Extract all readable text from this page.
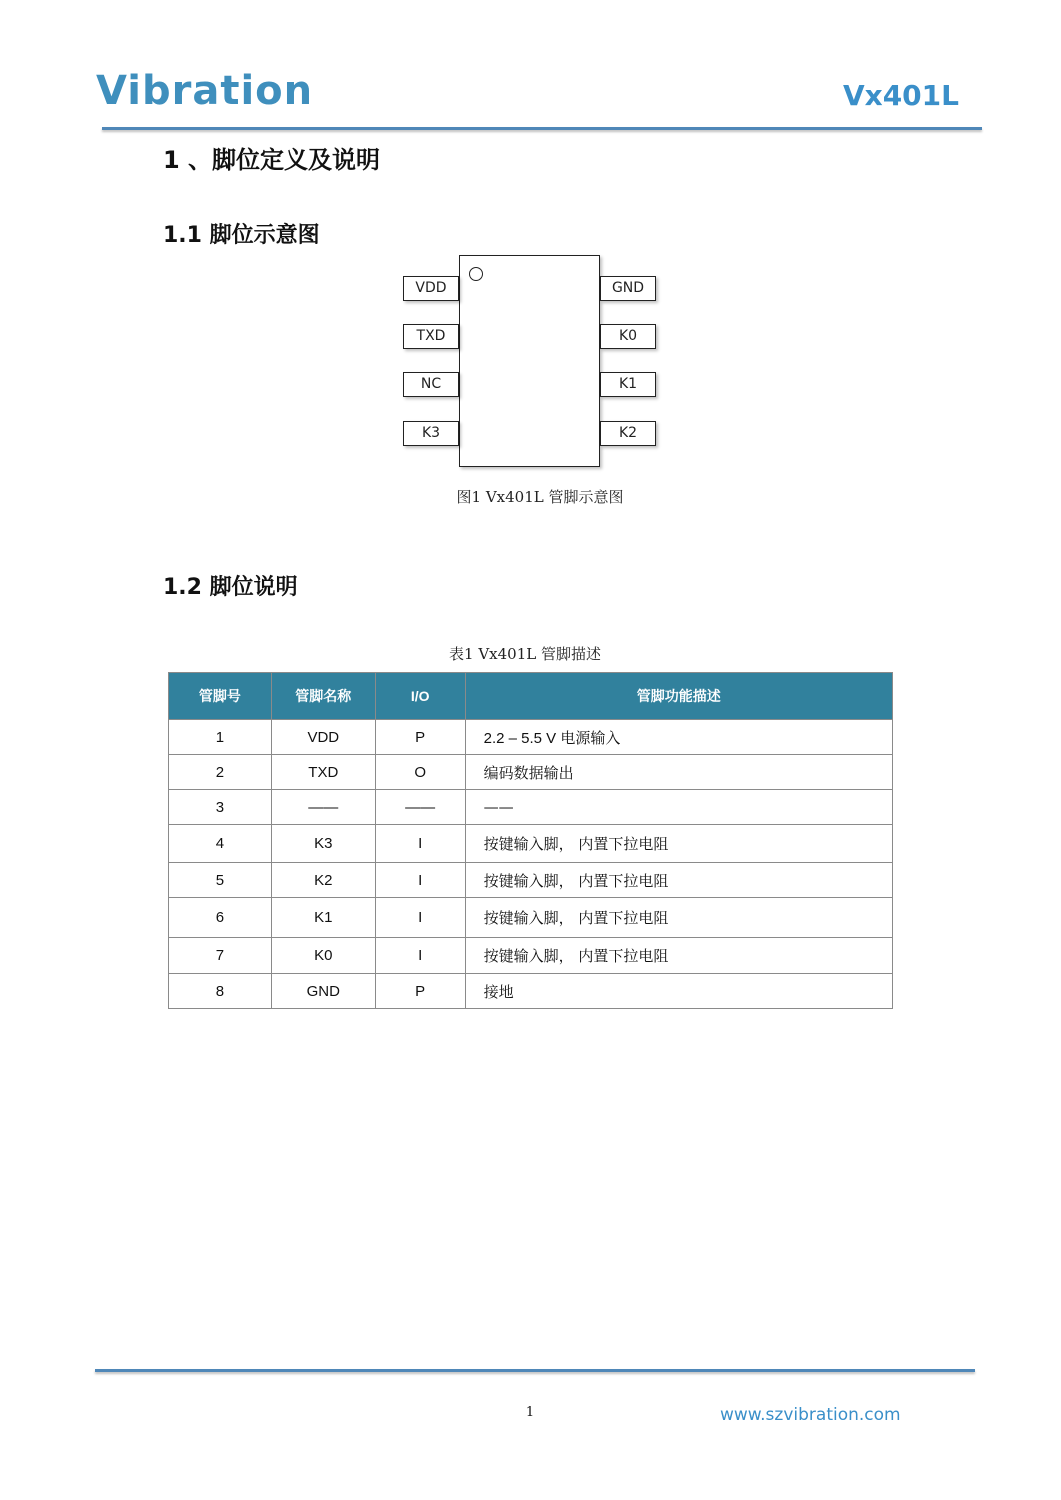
Vibration	Vx401L
1 、脚位定义及说明
1.1 脚位示意图
VDD
TXD
NC
K3
GND
K0
K1
K2
图1 Vx401L 管脚示意图
1.2 脚位说明
表1 Vx401L 管脚描述
管脚号	管脚名称	I/O	管脚功能描述
1	VDD	P	2.2 – 5.5 V 电源输入
2	TXD	O	编码数据输出
3	——	——	——
4	K3	I	按键输入脚， 内置下拉电阻
5	K2	I	按键输入脚， 内置下拉电阻
6	K1	I	按键输入脚， 内置下拉电阻
7	K0	I	按键输入脚， 内置下拉电阻
8	GND	P	接地
1	www.szvibration.com
